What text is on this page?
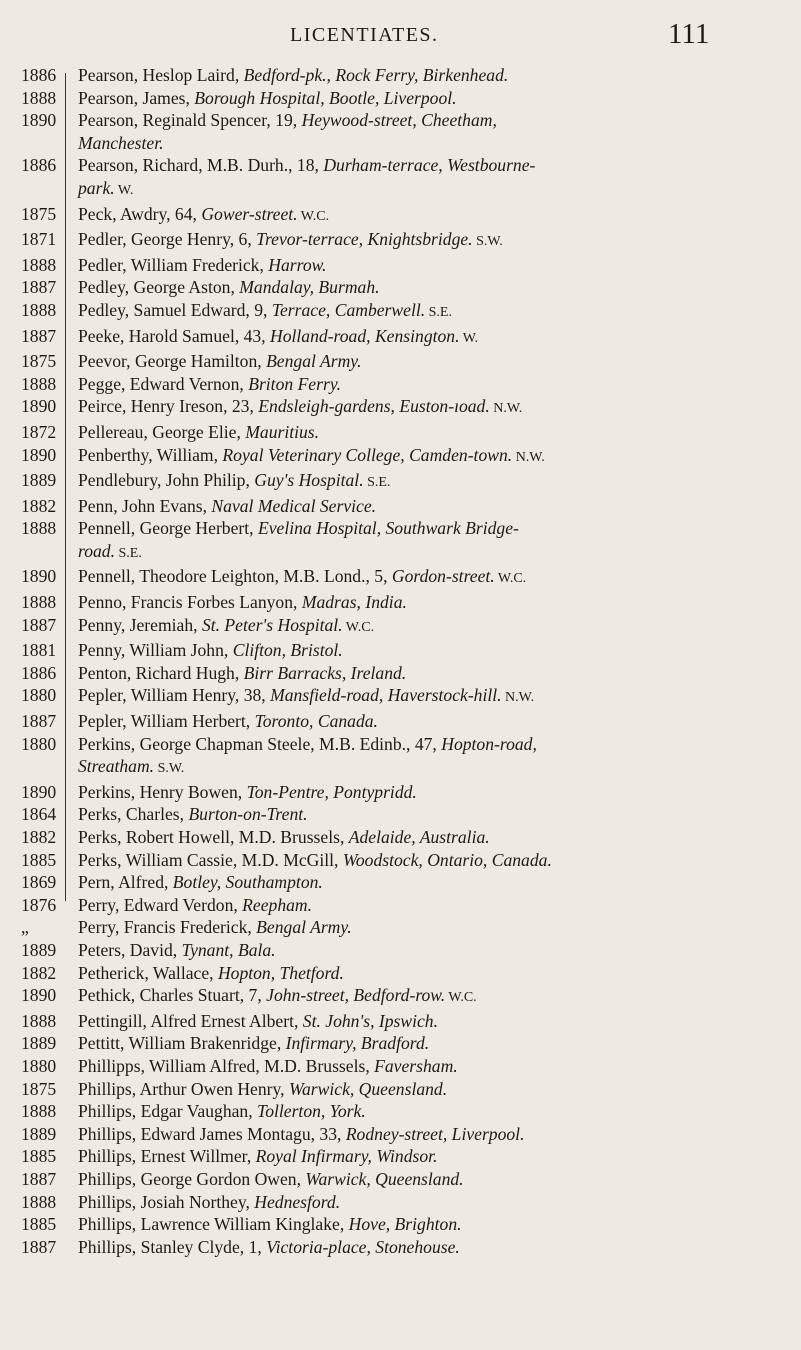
LICENTIATES.	111
1886 Pearson, Heslop Laird, Bedford-pk., Rock Ferry, Birkenhead.
1888 Pearson, James, Borough Hospital, Bootle, Liverpool.
1890 Pearson, Reginald Spencer, 19, Heywood-street, Cheetham,
Manchester.
1886 Pearson, Richard, M.B. Durh., 18, Durham-terrace, Westbourne-
park. W.
1875 Peck, Awdry, 64, Gower-street. W.C.
1871 Pedler, George Henry, 6, Trevor-terrace, Knightsbridge. S.W.
1888 Pedler, William Frederick, Harrow.
1887 Pedley, George Aston, Mandalay, Burmah.
1888 Pedley, Samuel Edward, 9, Terrace, Camberwell. S.E.
1887 Peeke, Harold Samuel, 43, Holland-road, Kensington. W.
1875 Peevor, George Hamilton, Bengal Army.
1888 Pegge, Edward Vernon, Briton Ferry.
1890 Peirce, Henry Ireson, 23, Endsleigh-gardens, Euston-ıoad. N.W.
1872 Pellereau, George Elie, Mauritius.
1890 Penberthy, William, Royal Veterinary College, Camden-town. N.W.
1889 Pendlebury, John Philip, Guy's Hospital. S.E.
1882 Penn, John Evans, Naval Medical Service.
1888 Pennell, George Herbert, Evelina Hospital, Southwark Bridge-
road. S.E.
1890 Pennell, Theodore Leighton, M.B. Lond., 5, Gordon-street. W.C.
1888 Penno, Francis Forbes Lanyon, Madras, India.
1887 Penny, Jeremiah, St. Peter's Hospital. W.C.
1881 Penny, William John, Clifton, Bristol.
1886 Penton, Richard Hugh, Birr Barracks, Ireland.
1880 Pepler, William Henry, 38, Mansfield-road, Haverstock-hill. N.W.
1887 Pepler, William Herbert, Toronto, Canada.
1880 Perkins, George Chapman Steele, M.B. Edinb., 47, Hopton-road,
Streatham. S.W.
1890 Perkins, Henry Bowen, Ton-Pentre, Pontypridd.
1864 Perks, Charles, Burton-on-Trent.
1882 Perks, Robert Howell, M.D. Brussels, Adelaide, Australia.
1885 Perks, William Cassie, M.D. McGill, Woodstock, Ontario, Canada.
1869 Pern, Alfred, Botley, Southampton.
1876 Perry, Edward Verdon, Reepham.
„	Perry, Francis Frederick, Bengal Army.
1889 Peters, David, Tynant, Bala.
1882 Petherick, Wallace, Hopton, Thetford.
1890 Pethick, Charles Stuart, 7, John-street, Bedford-row. W.C.
1888 Pettingill, Alfred Ernest Albert, St. John's, Ipswich.
1889 Pettitt, William Brakenridge, Infirmary, Bradford.
1880 Phillipps, William Alfred, M.D. Brussels, Faversham.
1875 Phillips, Arthur Owen Henry, Warwick, Queensland.
1888 Phillips, Edgar Vaughan, Tollerton, York.
1889 Phillips, Edward James Montagu, 33, Rodney-street, Liverpool.
1885 Phillips, Ernest Willmer, Royal Infirmary, Windsor.
1887 Phillips, George Gordon Owen, Warwick, Queensland.
1888 Phillips, Josiah Northey, Hednesford.
1885 Phillips, Lawrence William Kinglake, Hove, Brighton.
1887 Phillips, Stanley Clyde, 1, Victoria-place, Stonehouse.
